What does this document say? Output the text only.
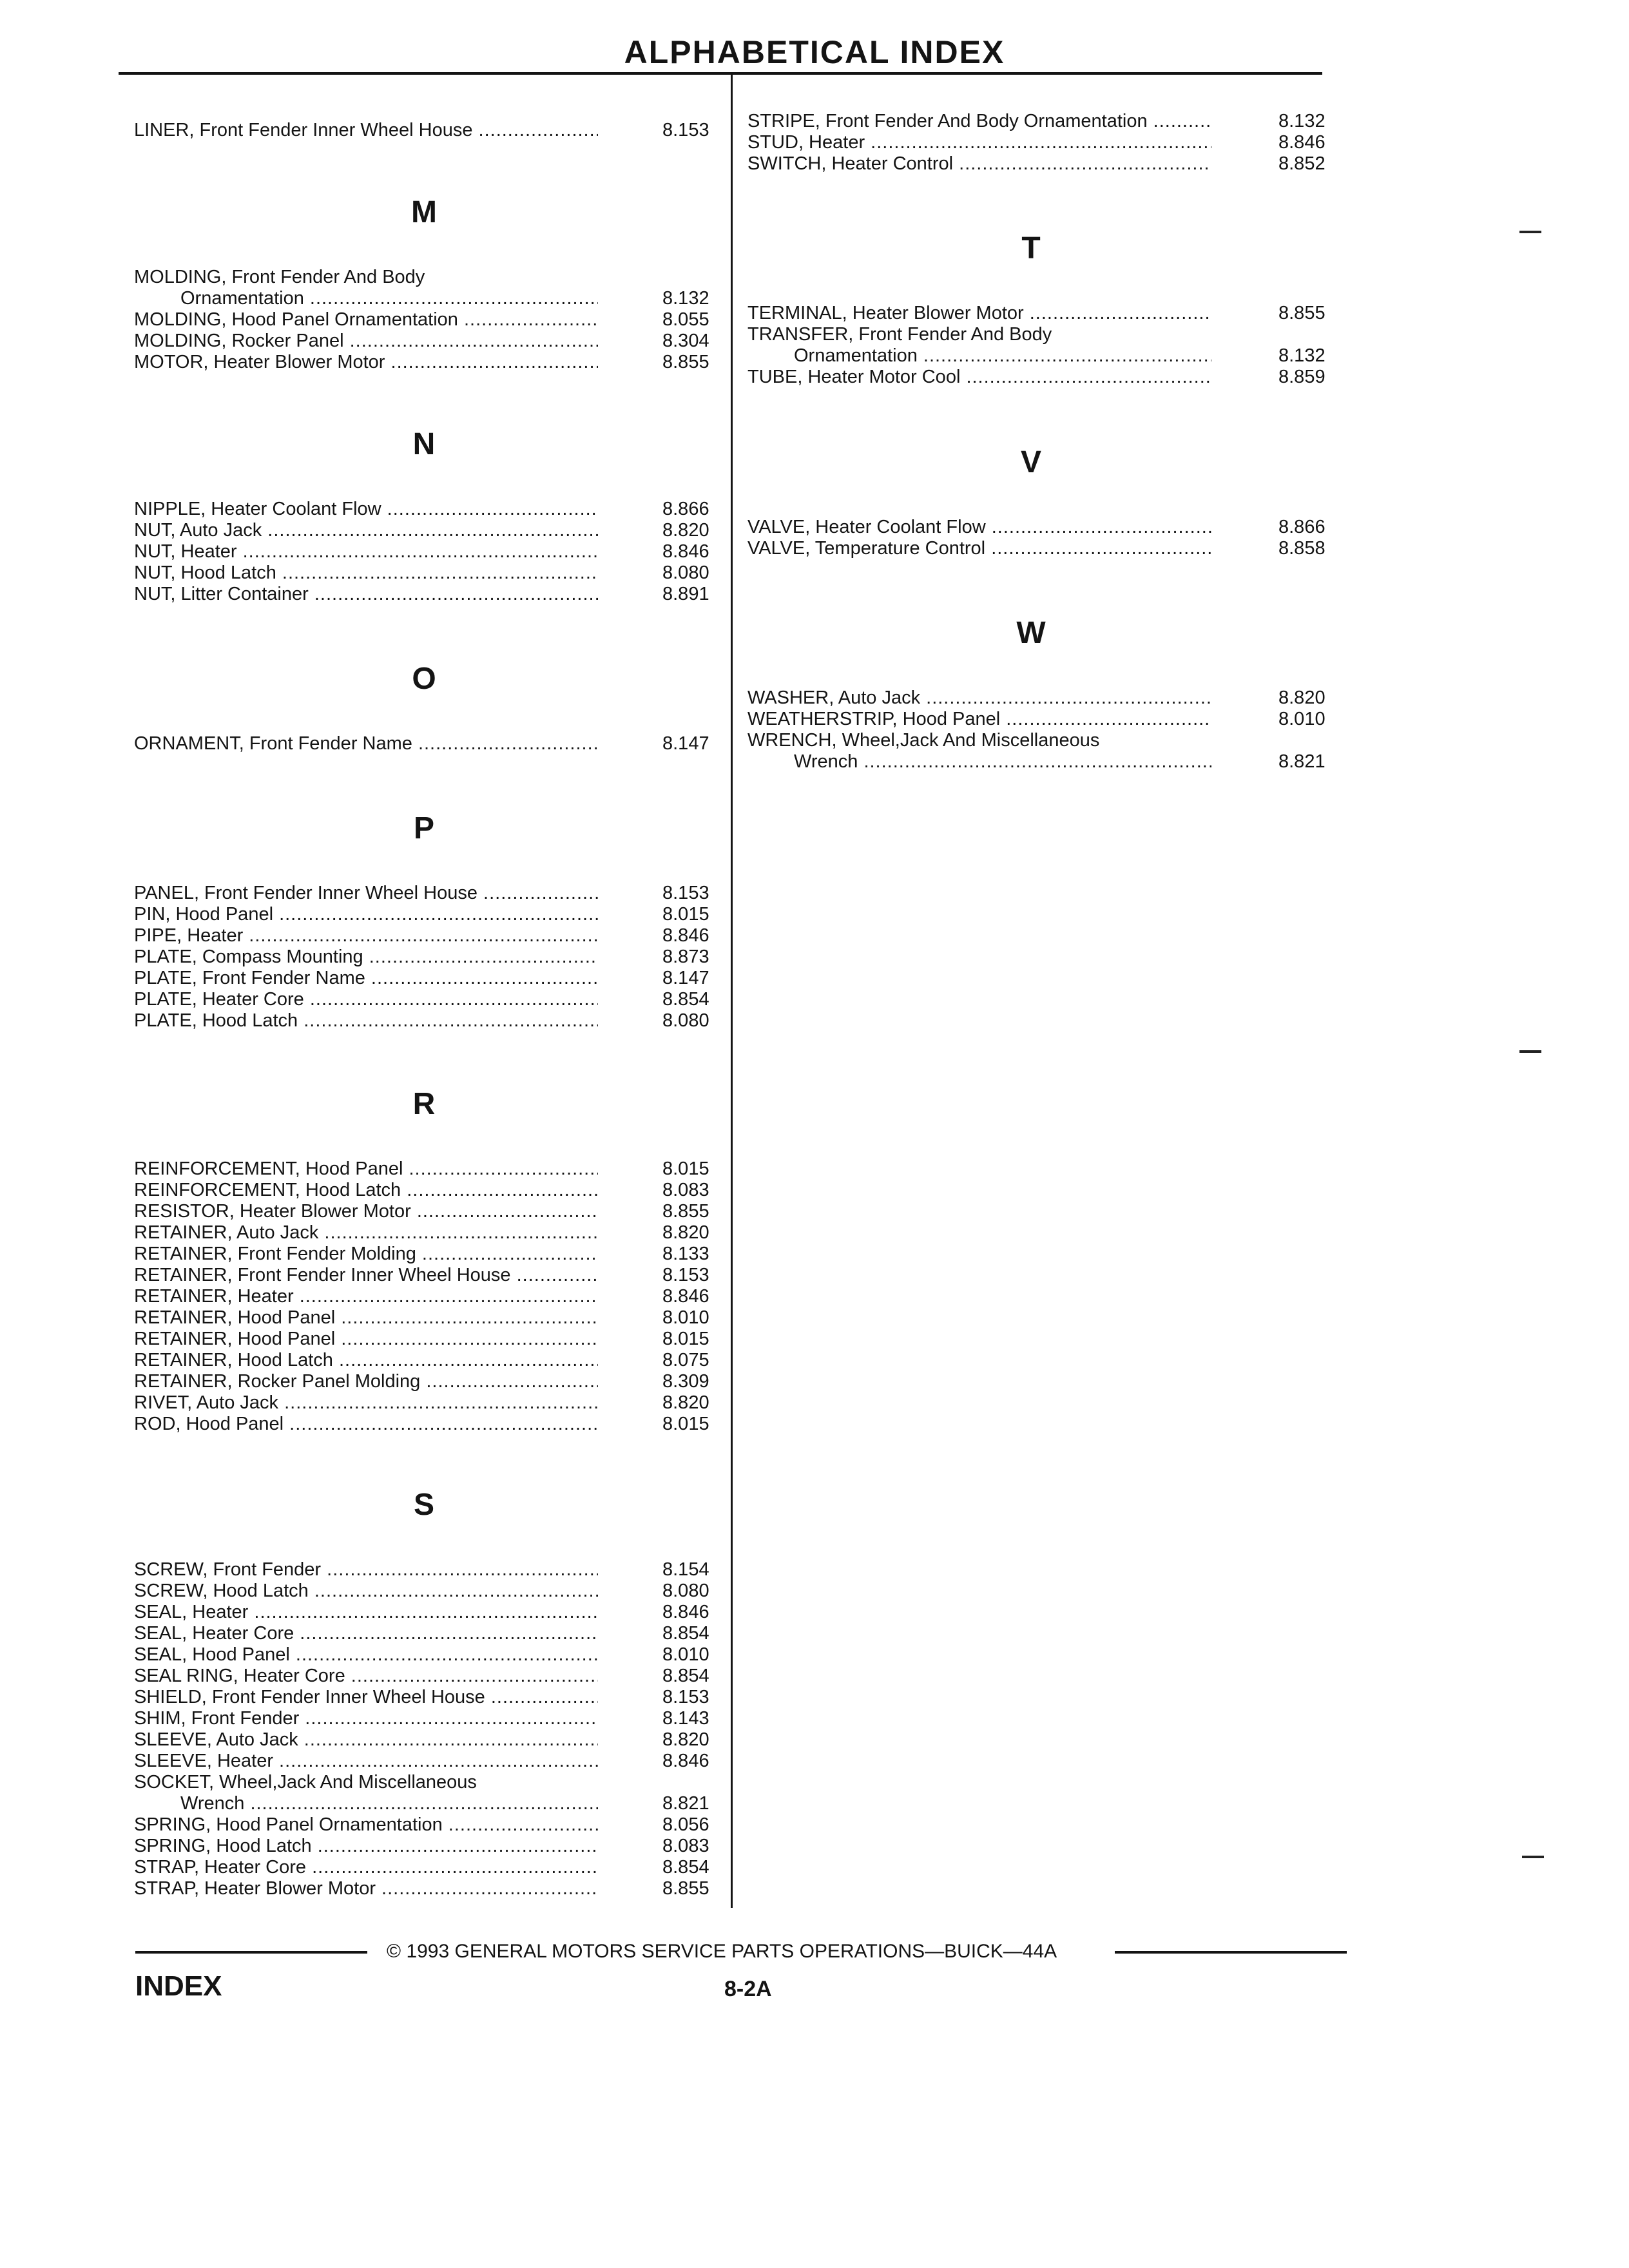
ALPHABETICAL INDEX
LINER, Front Fender Inner Wheel House .....	8.153
M
MOLDING, Front Fender And Body
Ornamentation .....	8.132
MOLDING, Hood Panel Ornamentation .....	8.055
MOLDING, Rocker Panel .....	8.304
MOTOR, Heater Blower Motor .....	8.855
N
NIPPLE, Heater Coolant Flow .....	8.866
NUT, Auto Jack .....	8.820
NUT, Heater .....	8.846
NUT, Hood Latch .....	8.080
NUT, Litter Container .....	8.891
O
ORNAMENT, Front Fender Name .....	8.147
P
PANEL, Front Fender Inner Wheel House .....	8.153
PIN, Hood Panel .....	8.015
PIPE, Heater .....	8.846
PLATE, Compass Mounting .....	8.873
PLATE, Front Fender Name .....	8.147
PLATE, Heater Core .....	8.854
PLATE, Hood Latch .....	8.080
R
REINFORCEMENT, Hood Panel .....	8.015
REINFORCEMENT, Hood Latch .....	8.083
RESISTOR, Heater Blower Motor .....	8.855
RETAINER, Auto Jack .....	8.820
RETAINER, Front Fender Molding .....	8.133
RETAINER, Front Fender Inner Wheel House .....	8.153
RETAINER, Heater .....	8.846
RETAINER, Hood Panel .....	8.010
RETAINER, Hood Panel .....	8.015
RETAINER, Hood Latch .....	8.075
RETAINER, Rocker Panel Molding .....	8.309
RIVET, Auto Jack .....	8.820
ROD, Hood Panel .....	8.015
S
SCREW, Front Fender .....	8.154
SCREW, Hood Latch .....	8.080
SEAL, Heater .....	8.846
SEAL, Heater Core .....	8.854
SEAL, Hood Panel .....	8.010
SEAL RING, Heater Core .....	8.854
SHIELD, Front Fender Inner Wheel House .....	8.153
SHIM, Front Fender .....	8.143
SLEEVE, Auto Jack .....	8.820
SLEEVE, Heater .....	8.846
SOCKET, Wheel,Jack And Miscellaneous
Wrench .....	8.821
SPRING, Hood Panel Ornamentation .....	8.056
SPRING, Hood Latch .....	8.083
STRAP, Heater Core .....	8.854
STRAP, Heater Blower Motor .....	8.855
STRIPE, Front Fender And Body Ornamentation .....	8.132
STUD, Heater .....	8.846
SWITCH, Heater Control .....	8.852
T
TERMINAL, Heater Blower Motor .....	8.855
TRANSFER, Front Fender And Body
Ornamentation .....	8.132
TUBE, Heater Motor Cool .....	8.859
V
VALVE, Heater Coolant Flow .....	8.866
VALVE, Temperature Control .....	8.858
W
WASHER, Auto Jack .....	8.820
WEATHERSTRIP, Hood Panel .....	8.010
WRENCH, Wheel,Jack And Miscellaneous
Wrench .....	8.821
© 1993 GENERAL MOTORS SERVICE PARTS OPERATIONS—BUICK—44A
INDEX	8-2A
